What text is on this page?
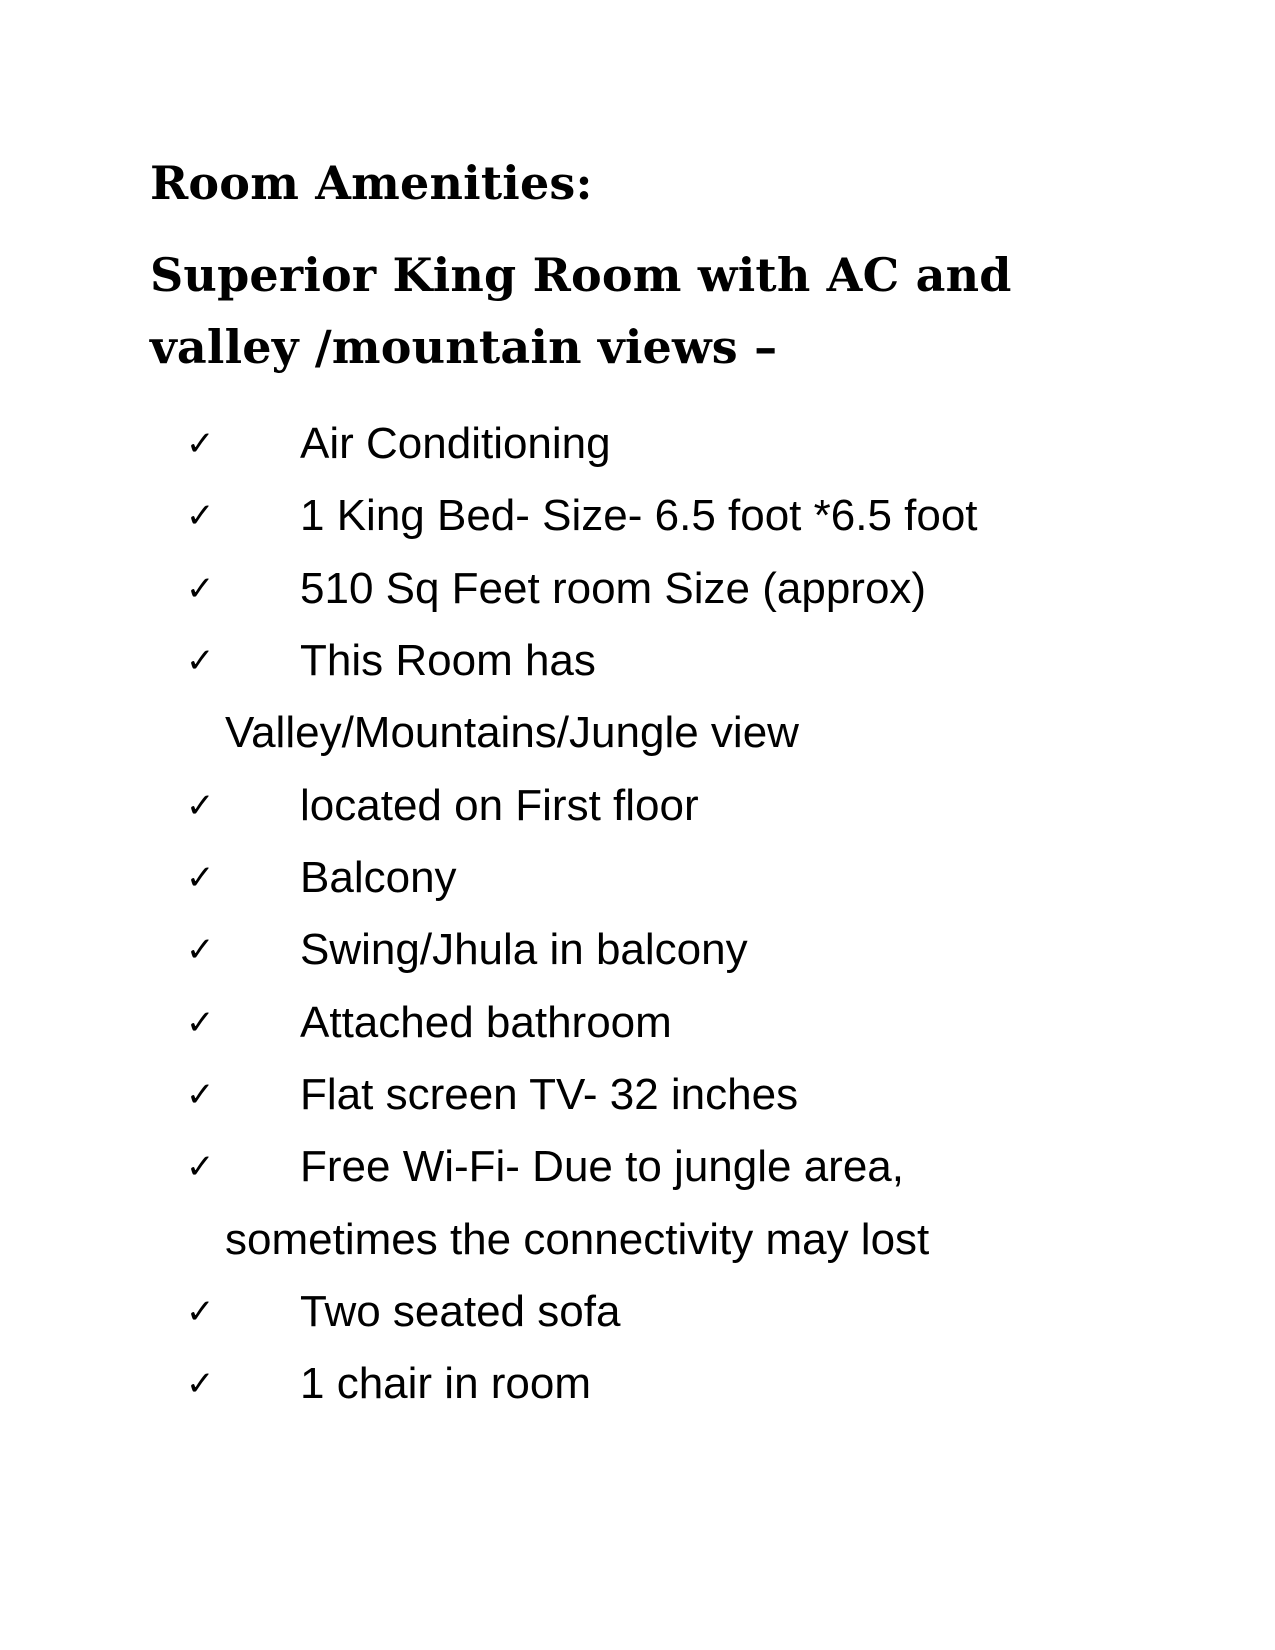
Room Amenities:
Superior King Room with AC and
valley /mountain views –
✓ Air Conditioning
✓ 1 King Bed- Size- 6.5 foot *6.5 foot
✓ 510 Sq Feet room Size (approx)
✓ This Room has
Valley/Mountains/Jungle view
✓ located on First floor
✓ Balcony
✓ Swing/Jhula in balcony
✓ Attached bathroom
✓ Flat screen TV- 32 inches
✓ Free Wi-Fi- Due to jungle area,
sometimes the connectivity may lost
✓ Two seated sofa
✓ 1 chair in room
